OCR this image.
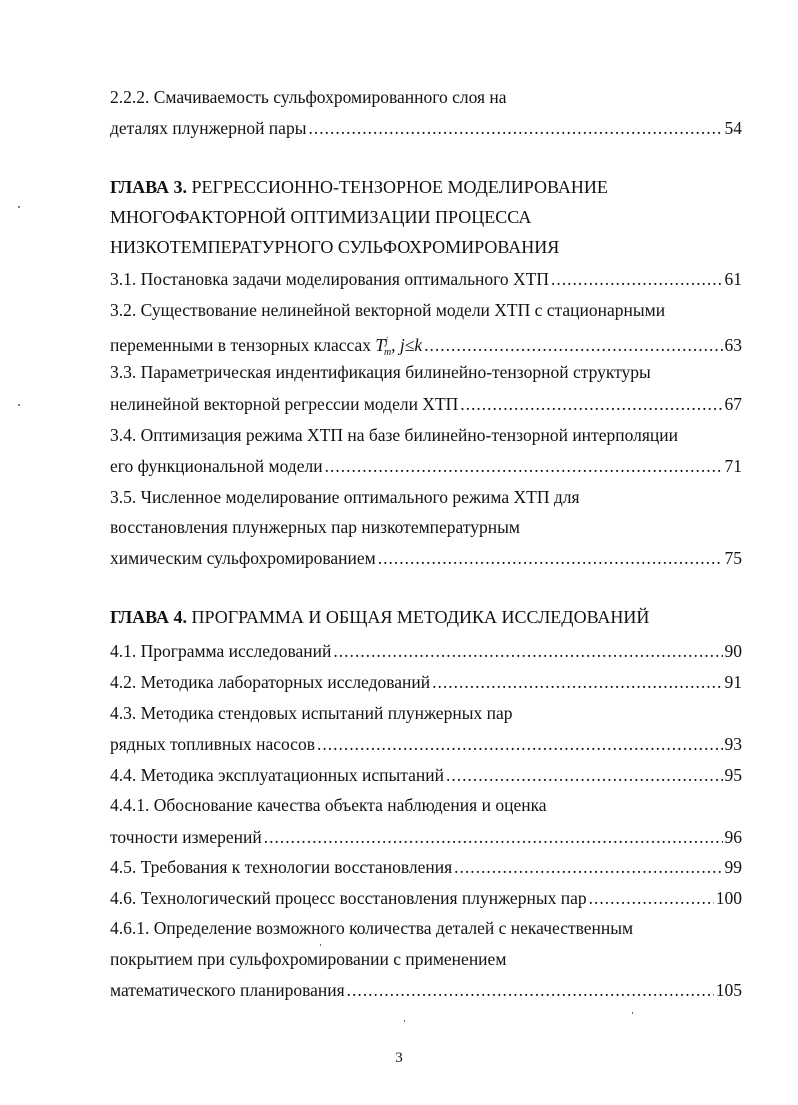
2.2.2. Смачиваемость сульфохромированного слоя на
деталях плунжерной пары .....	54
ГЛАВА 3. РЕГРЕССИОННО-ТЕНЗОРНОЕ МОДЕЛИРОВАНИЕ
МНОГОФАКТОРНОЙ ОПТИМИЗАЦИИ ПРОЦЕССА
НИЗКОТЕМПЕРАТУРНОГО СУЛЬФОХРОМИРОВАНИЯ
3.1. Постановка задачи моделирования оптимального ХТП .....	61
3.2. Существование нелинейной векторной модели ХТП с стационарными
переменными в тензорных классах $T^j_m$, j≤k .....	63
3.3. Параметрическая индентификация билинейно-тензорной структуры
нелинейной векторной регрессии модели ХТП .....	67
3.4. Оптимизация режима ХТП на базе билинейно-тензорной интерполяции
его функциональной модели .....	71
3.5. Численное моделирование оптимального режима ХТП для
восстановления плунжерных пар низкотемпературным
химическим сульфохромированием .....	75
ГЛАВА 4. ПРОГРАММА И ОБЩАЯ МЕТОДИКА ИССЛЕДОВАНИЙ
4.1. Программа исследований .....	90
4.2. Методика лабораторных исследований .....	91
4.3. Методика стендовых испытаний плунжерных пар
рядных топливных насосов .....	93
4.4. Методика эксплуатационных испытаний .....	95
4.4.1. Обоснование качества объекта наблюдения и оценка
точности измерений .....	96
4.5. Требования к технологии восстановления .....	99
4.6. Технологический процесс восстановления плунжерных пар .....	100
4.6.1. Определение возможного количества деталей с некачественным
покрытием при сульфохромировании с применением
математического планирования .....	105
3
